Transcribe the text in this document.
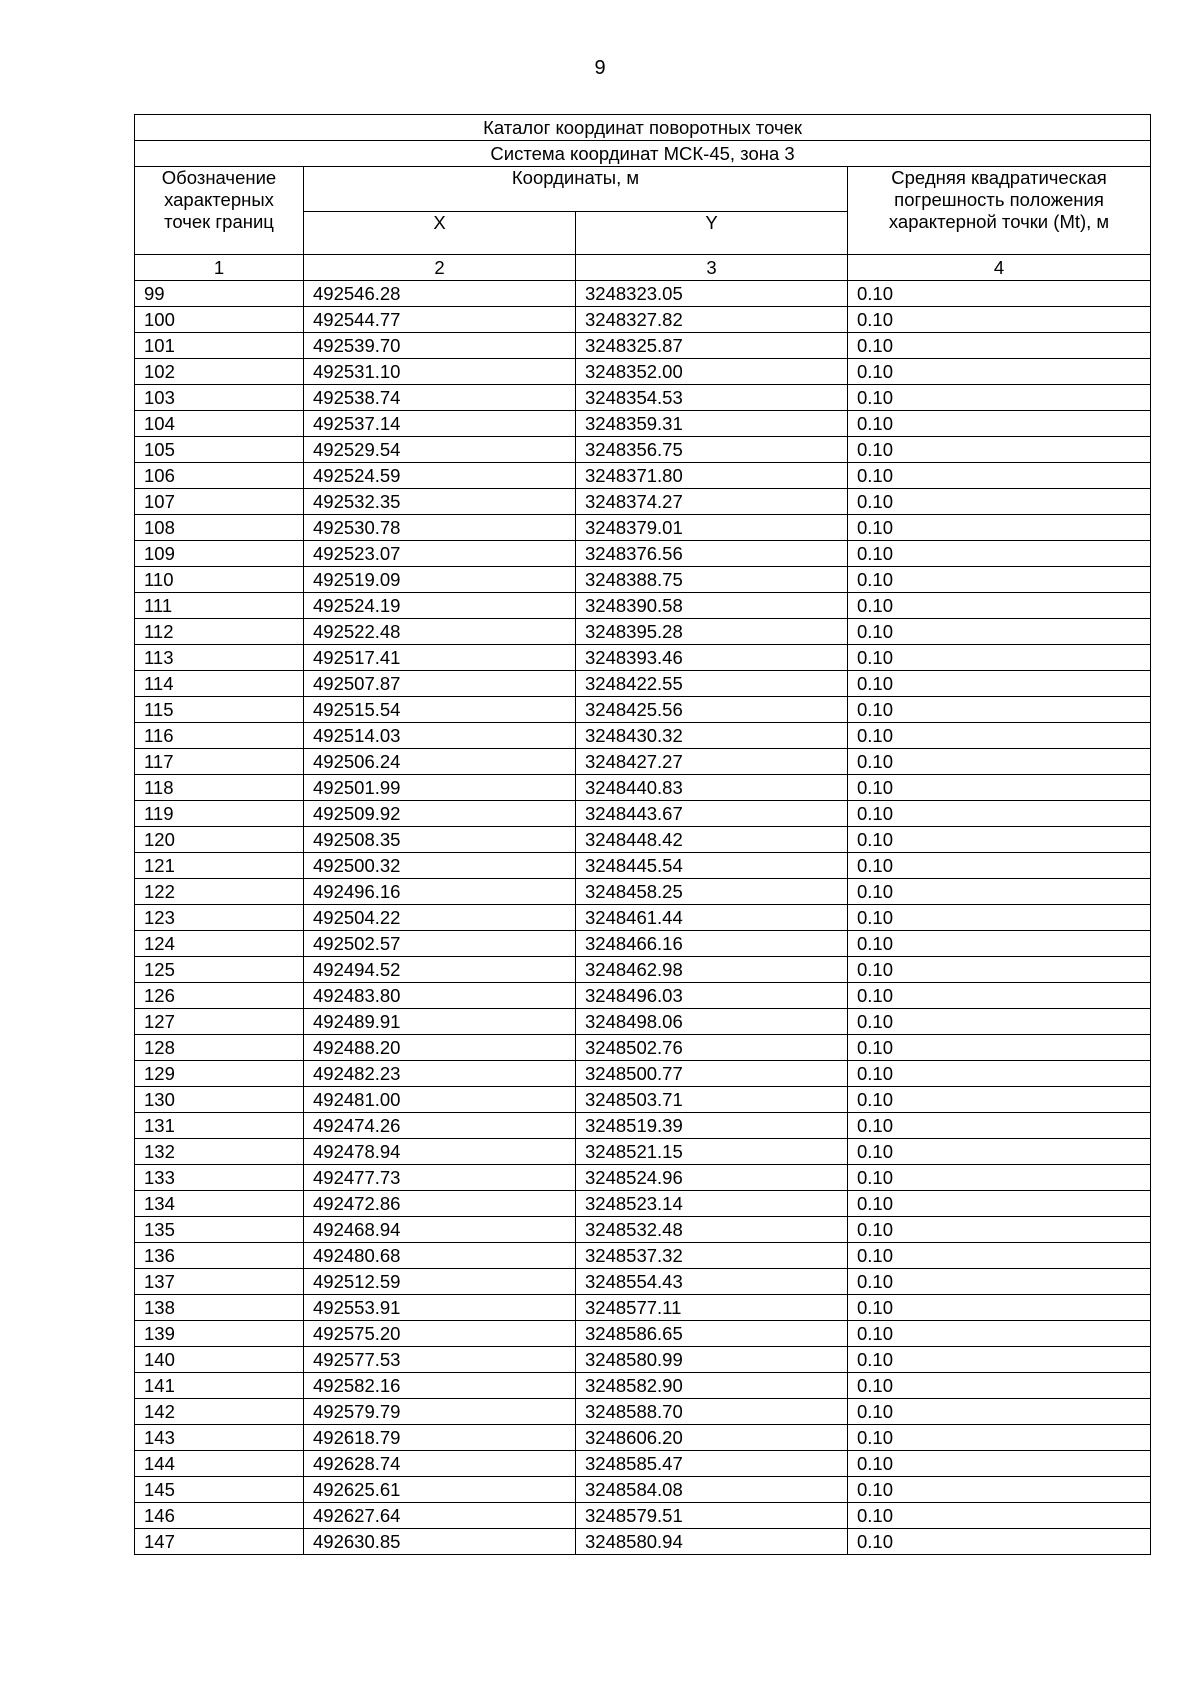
9
Каталог координат поворотных точек			
Система координат МСК-45, зона 3			
Обозначение характерных точек границ	Координаты, м		Средняя квадратическая погрешность положения характерной точки (Mt), м
	X	Y	
1	2	3	4
99	492546.28	3248323.05	0.10
100	492544.77	3248327.82	0.10
101	492539.70	3248325.87	0.10
102	492531.10	3248352.00	0.10
103	492538.74	3248354.53	0.10
104	492537.14	3248359.31	0.10
105	492529.54	3248356.75	0.10
106	492524.59	3248371.80	0.10
107	492532.35	3248374.27	0.10
108	492530.78	3248379.01	0.10
109	492523.07	3248376.56	0.10
110	492519.09	3248388.75	0.10
111	492524.19	3248390.58	0.10
112	492522.48	3248395.28	0.10
113	492517.41	3248393.46	0.10
114	492507.87	3248422.55	0.10
115	492515.54	3248425.56	0.10
116	492514.03	3248430.32	0.10
117	492506.24	3248427.27	0.10
118	492501.99	3248440.83	0.10
119	492509.92	3248443.67	0.10
120	492508.35	3248448.42	0.10
121	492500.32	3248445.54	0.10
122	492496.16	3248458.25	0.10
123	492504.22	3248461.44	0.10
124	492502.57	3248466.16	0.10
125	492494.52	3248462.98	0.10
126	492483.80	3248496.03	0.10
127	492489.91	3248498.06	0.10
128	492488.20	3248502.76	0.10
129	492482.23	3248500.77	0.10
130	492481.00	3248503.71	0.10
131	492474.26	3248519.39	0.10
132	492478.94	3248521.15	0.10
133	492477.73	3248524.96	0.10
134	492472.86	3248523.14	0.10
135	492468.94	3248532.48	0.10
136	492480.68	3248537.32	0.10
137	492512.59	3248554.43	0.10
138	492553.91	3248577.11	0.10
139	492575.20	3248586.65	0.10
140	492577.53	3248580.99	0.10
141	492582.16	3248582.90	0.10
142	492579.79	3248588.70	0.10
143	492618.79	3248606.20	0.10
144	492628.74	3248585.47	0.10
145	492625.61	3248584.08	0.10
146	492627.64	3248579.51	0.10
147	492630.85	3248580.94	0.10
